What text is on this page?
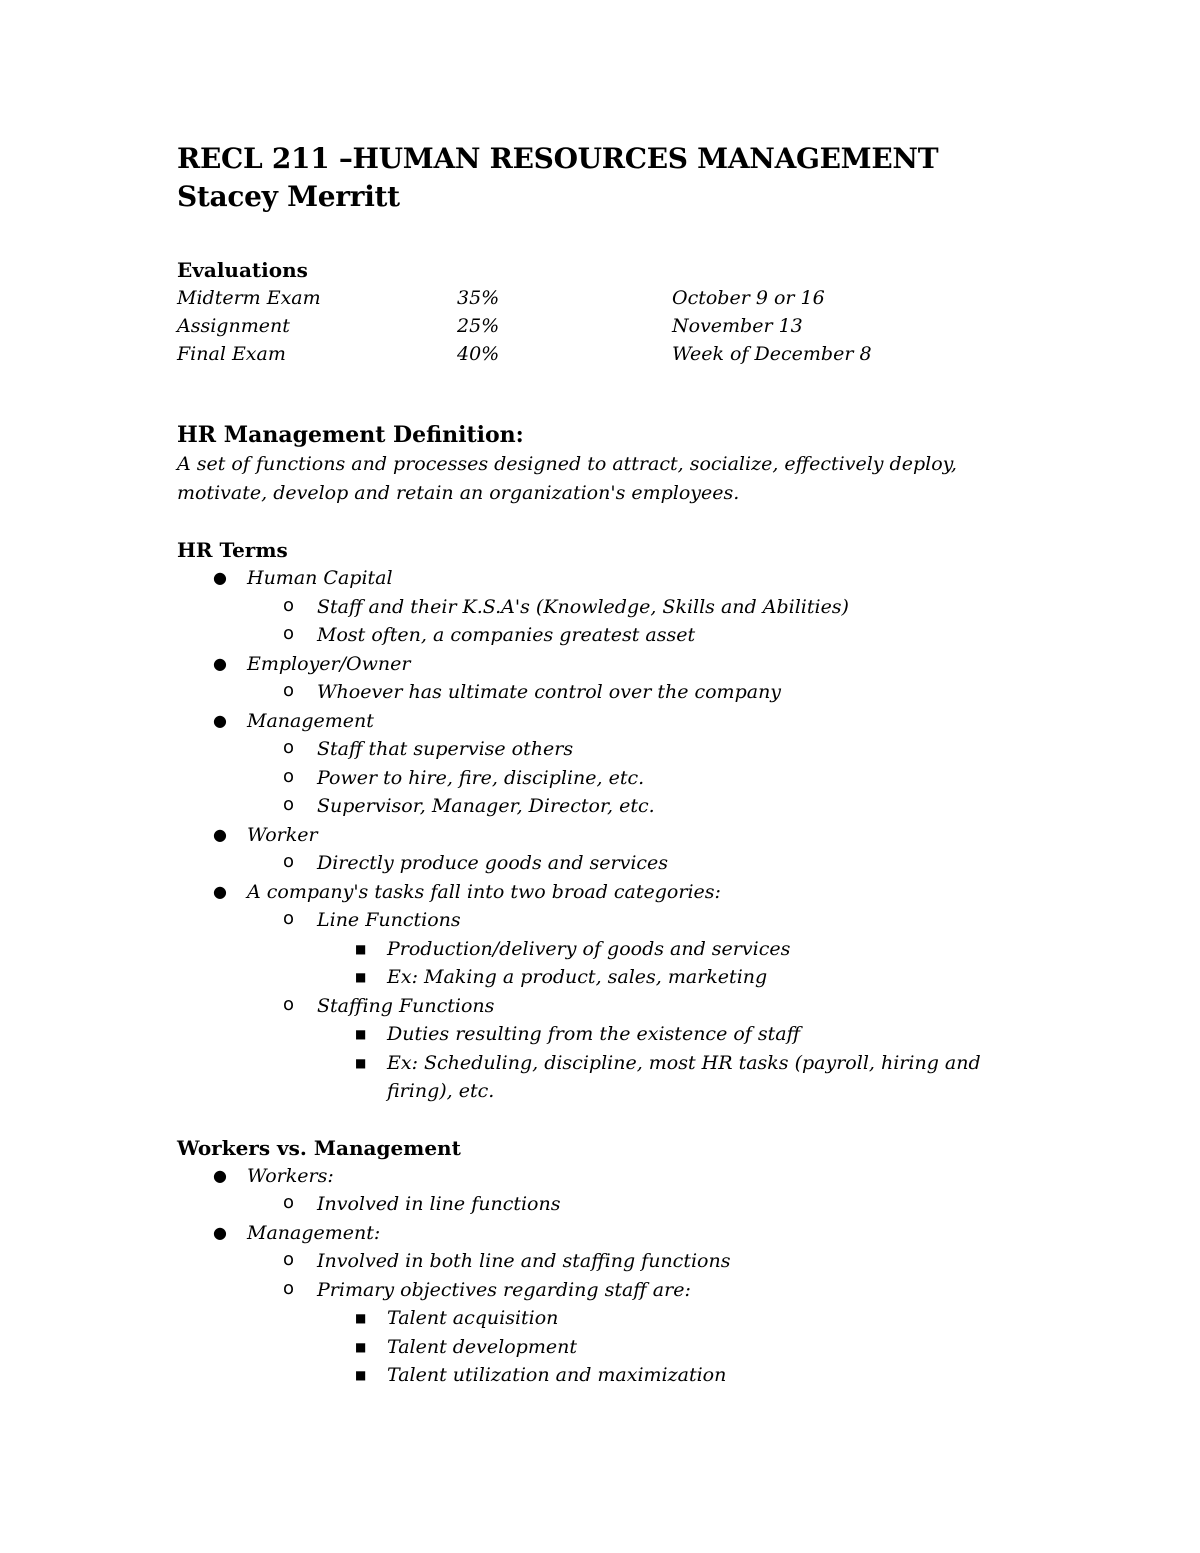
RECL 211 –HUMAN RESOURCES MANAGEMENT
Stacey Merritt
Evaluations
Midterm Exam	35%	October 9 or 16
Assignment	25%	November 13
Final Exam	40%	Week of December 8
HR Management Definition:

A set of functions and processes designed to attract, socialize, effectively deploy, motivate, develop and retain an organization's employees.

HR Terms
● Human Capital
o Staff and their K.S.A's (Knowledge, Skills and Abilities)
o Most often, a companies greatest asset
● Employer/Owner
o Whoever has ultimate control over the company
● Management
o Staff that supervise others
o Power to hire, fire, discipline, etc.
o Supervisor, Manager, Director, etc.
● Worker
o Directly produce goods and services
● A company's tasks fall into two broad categories:
o Line Functions
■ Production/delivery of goods and services
■ Ex: Making a product, sales, marketing
o Staffing Functions
■ Duties resulting from the existence of staff
■ Ex: Scheduling, discipline, most HR tasks (payroll, hiring and firing), etc.
Workers vs. Management
● Workers:
o Involved in line functions
● Management:
o Involved in both line and staffing functions
o Primary objectives regarding staff are:
■ Talent acquisition
■ Talent development
■ Talent utilization and maximization
